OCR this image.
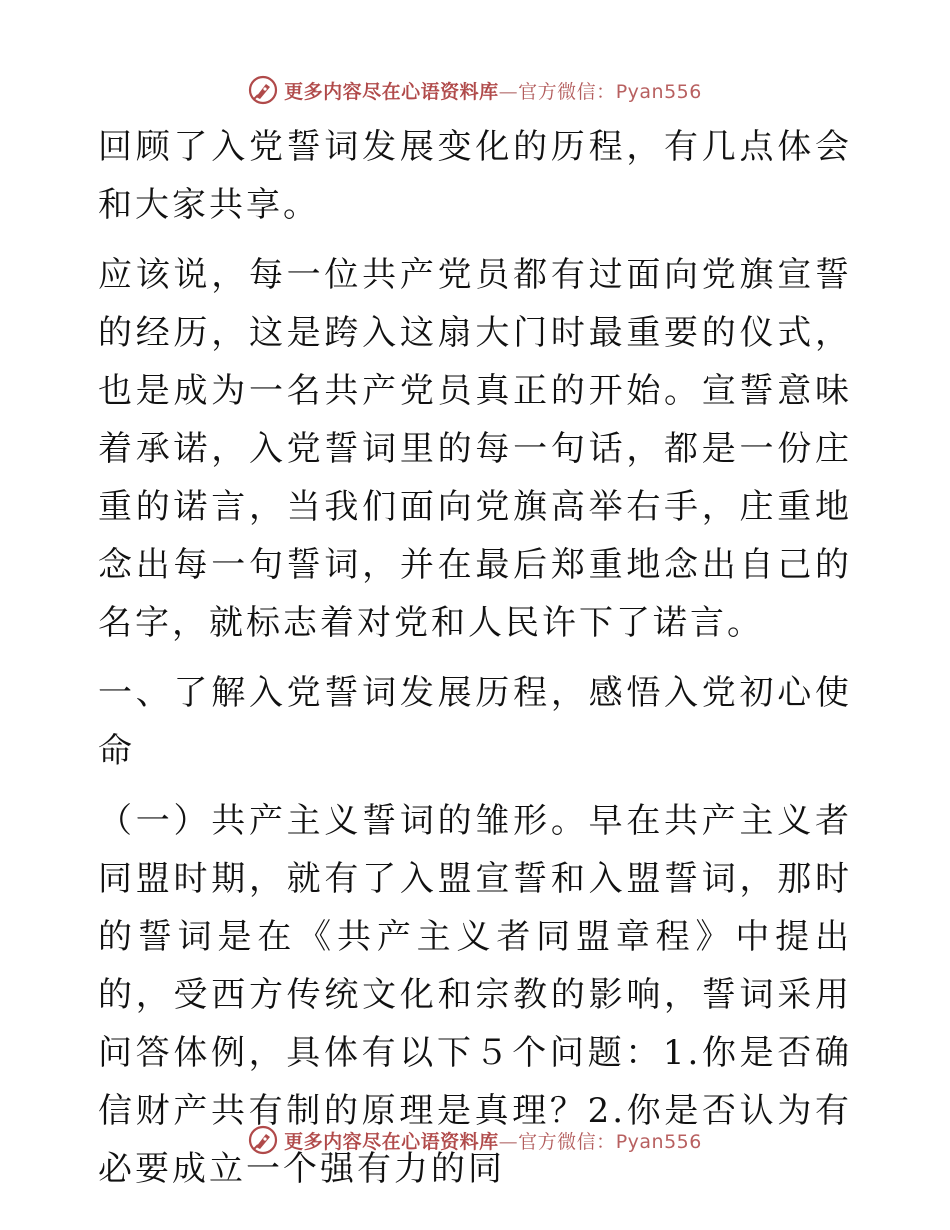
更多内容尽在心语资料库—官方微信：Pyan556

回顾了入党誓词发展变化的历程，有几点体会和大家共享。

应该说，每一位共产党员都有过面向党旗宣誓的经历，这是跨入这扇大门时最重要的仪式，也是成为一名共产党员真正的开始。宣誓意味着承诺，入党誓词里的每一句话，都是一份庄重的诺言，当我们面向党旗高举右手，庄重地念出每一句誓词，并在最后郑重地念出自己的名字，就标志着对党和人民许下了诺言。

一、了解入党誓词发展历程，感悟入党初心使命

（一）共产主义誓词的雏形。早在共产主义者同盟时期，就有了入盟宣誓和入盟誓词，那时的誓词是在《共产主义者同盟章程》中提出的，受西方传统文化和宗教的影响，誓词采用问答体例，具体有以下５个问题：1.你是否确信财产共有制的原理是真理？2.你是否认为有必要成立一个强有力的同

更多内容尽在心语资料库—官方微信：Pyan556
